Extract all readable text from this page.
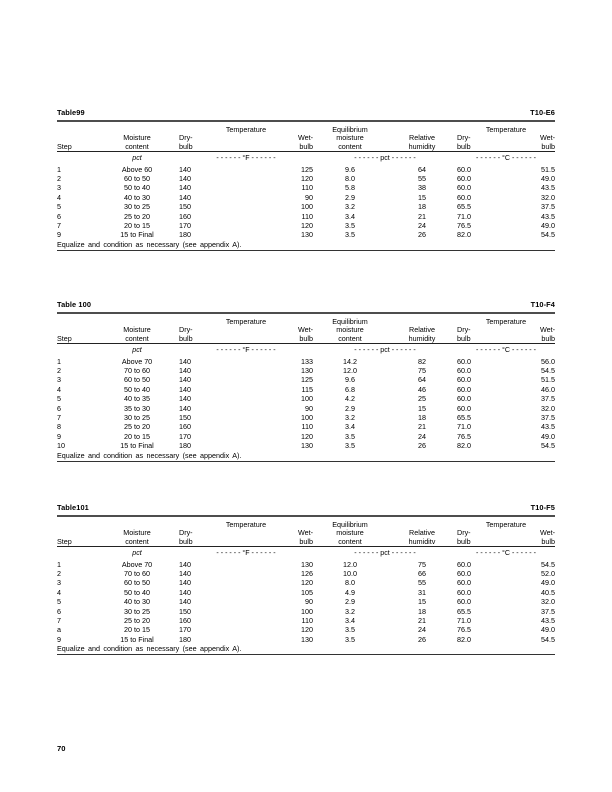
Table99	T10-E6

		Temperature		Equilibrium		Temperature	
	Moisture	Dry-	Wet-	moisture	Relative	Dry-	Wet-
Step	content	bulb	bulb	content	humidity	bulb	bulb
	pct	- - - - - - °F - - - - - -		- - - - - - pct - - - - - -		- - - - - - °C - - - - - -	
1	Above 60	140	125	9.6	64	60.0	51.5
2	60 to 50	140	120	8.0	55	60.0	49.0
3	50 to 40	140	110	5.8	38	60.0	43.5
4	40 to 30	140	90	2.9	15	60.0	32.0
5	30 to 25	150	100	3.2	18	65.5	37.5
6	25 to 20	160	110	3.4	21	71.0	43.5
7	20 to 15	170	120	3.5	24	76.5	49.0
9	15 to Final	180	130	3.5	26	82.0	54.5
Equalize and condition as necessary (see appendix A).
Table 100	T10-F4

		Temperature		Equilibrium		Temperature	
	Moisture	Dry-	Wet-	moisture	Relative	Dry-	Wet-
Step	content	bulb	bulb	content	humidity	bulb	bulb
	pct	- - - - - - °F - - - - - -		- - - - - - pct - - - - - -		- - - - - - °C - - - - - -	
1	Above 70	140	133	14.2	82	60.0	56.0
2	70 to 60	140	130	12.0	75	60.0	54.5
3	60 to 50	140	125	9.6	64	60.0	51.5
4	50 to 40	140	115	6.8	46	60.0	46.0
5	40 to 35	140	100	4.2	25	60.0	37.5
6	35 to 30	140	90	2.9	15	60.0	32.0
7	30 to 25	150	100	3.2	18	65.5	37.5
8	25 to 20	160	110	3.4	21	71.0	43.5
9	20 to 15	170	120	3.5	24	76.5	49.0
10	15 to Final	180	130	3.5	26	82.0	54.5
Equalize and condition as necessary (see appendix A).
Table101	T10-F5

		Temperature		Equilibrium		Temperature	
	Moisture	Dry-	Wet-	moisture	Relative	Dry-	Wet-
Step	content	bulb	bulb	content	humiditv	bulb	bulb
	pct	- - - - - - °F - - - - - -		- - - - - - pct - - - - - -		- - - - - - °C - - - - - -	
1	Above 70	140	130	12.0	75	60.0	54.5
2	70 to 60	140	126	10.0	66	60.0	52.0
3	60 to 50	140	120	8.0	55	60.0	49.0
4	50 to 40	140	105	4.9	31	60.0	40.5
5	40 to 30	140	90	2.9	15	60.0	32.0
6	30 to 25	150	100	3.2	18	65.5	37.5
7	25 to 20	160	110	3.4	21	71.0	43.5
a	20 to 15	170	120	3.5	24	76.5	49.0
9	15 to Final	180	130	3.5	26	82.0	54.5
Equalize and condition as necessary (see appendix A).
70
